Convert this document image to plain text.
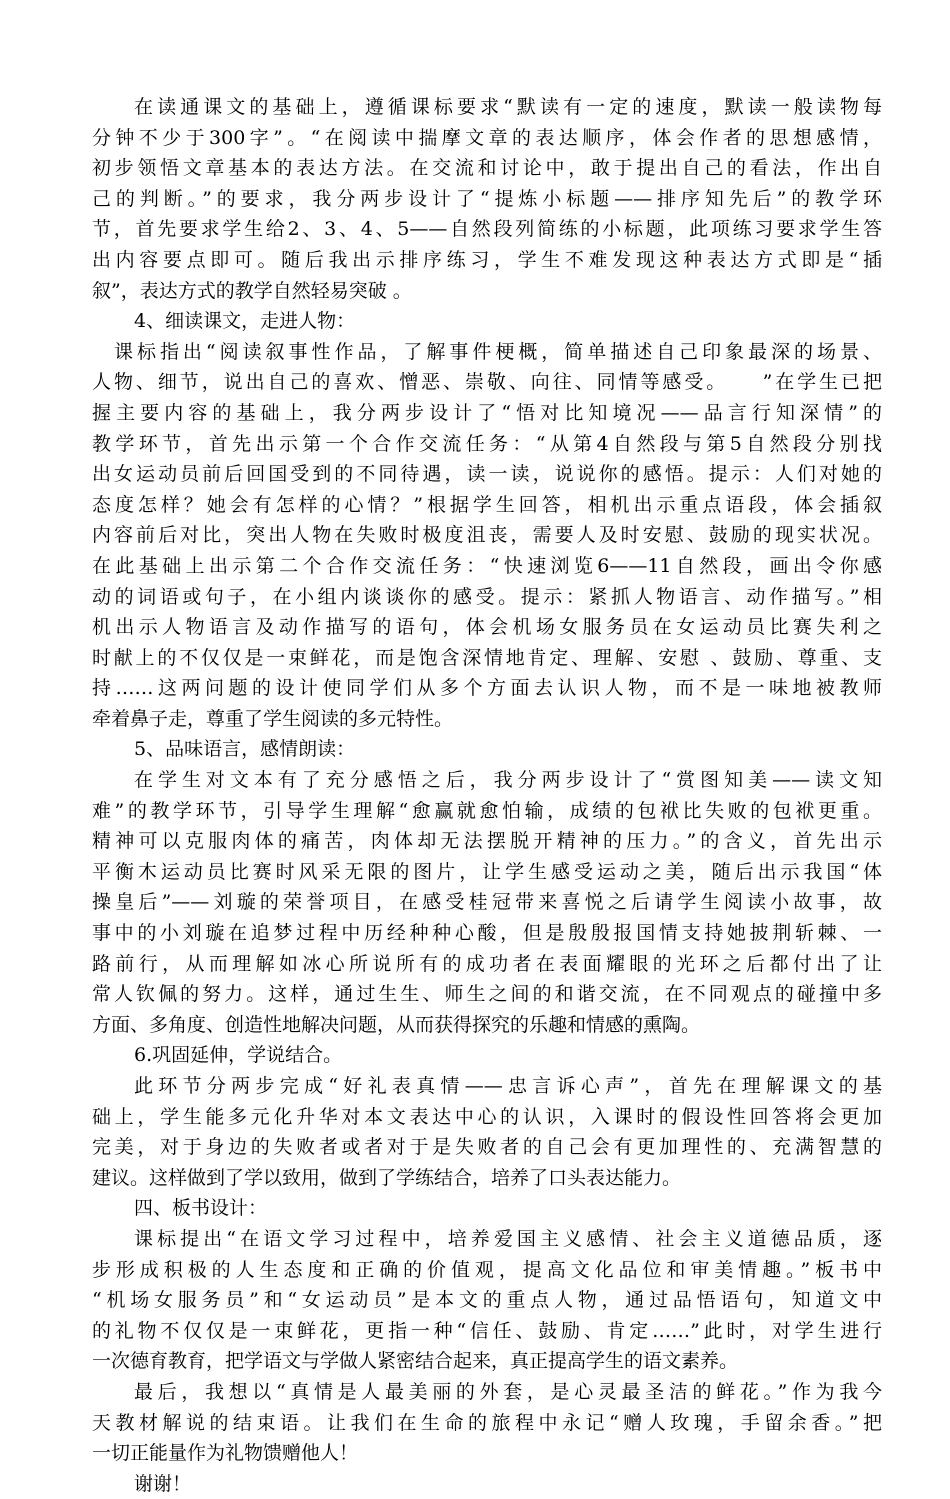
在读通课文的基础上，遵循课标要求“默读有一定的速度，默读一般读物每
分钟不少于300字”。“在阅读中揣摩文章的表达顺序，体会作者的思想感情，
初步领悟文章基本的表达方法。在交流和讨论中，敢于提出自己的看法，作出自
己的判断。”的要求，我分两步设计了“提炼小标题——排序知先后”的教学环
节，首先要求学生给2、3、4、5——自然段列简练的小标题，此项练习要求学生答
出内容要点即可。随后我出示排序练习，学生不难发现这种表达方式即是“插
叙”，表达方式的教学自然轻易突破 。
4、细读课文，走进人物：
课标指出“阅读叙事性作品，了解事件梗概，简单描述自己印象最深的场景、
人物、细节，说出自己的喜欢、憎恶、崇敬、向往、同情等感受。　　”在学生已把
握主要内容的基础上，我分两步设计了“悟对比知境况——品言行知深情”的
教学环节，首先出示第一个合作交流任务：“从第4自然段与第5自然段分别找
出女运动员前后回国受到的不同待遇，读一读，说说你的感悟。提示：人们对她的
态度怎样？她会有怎样的心情？”根据学生回答，相机出示重点语段，体会插叙
内容前后对比，突出人物在失败时极度沮丧，需要人及时安慰、鼓励的现实状况。
在此基础上出示第二个合作交流任务：“快速浏览6——11自然段，画出令你感
动的词语或句子，在小组内谈谈你的感受。提示：紧抓人物语言、动作描写。”相
机出示人物语言及动作描写的语句，体会机场女服务员在女运动员比赛失利之
时献上的不仅仅是一束鲜花，而是饱含深情地肯定、理解、安慰 、鼓励、尊重、支
持……这两问题的设计使同学们从多个方面去认识人物，而不是一味地被教师
牵着鼻子走，尊重了学生阅读的多元特性。
5、品味语言，感情朗读：
在学生对文本有了充分感悟之后，我分两步设计了“赏图知美——读文知
难”的教学环节，引导学生理解“愈赢就愈怕输，成绩的包袱比失败的包袱更重。
精神可以克服肉体的痛苦，肉体却无法摆脱开精神的压力。”的含义，首先出示
平衡木运动员比赛时风采无限的图片，让学生感受运动之美，随后出示我国“体
操皇后”——刘璇的荣誉项目，在感受桂冠带来喜悦之后请学生阅读小故事，故
事中的小刘璇在追梦过程中历经种种心酸，但是殷殷报国情支持她披荆斩棘、一
路前行，从而理解如冰心所说所有的成功者在表面耀眼的光环之后都付出了让
常人钦佩的努力。这样，通过生生、师生之间的和谐交流，在不同观点的碰撞中多
方面、多角度、创造性地解决问题，从而获得探究的乐趣和情感的熏陶。
6.巩固延伸，学说结合。
此环节分两步完成“好礼表真情——忠言诉心声”，首先在理解课文的基
础上，学生能多元化升华对本文表达中心的认识，入课时的假设性回答将会更加
完美，对于身边的失败者或者对于是失败者的自己会有更加理性的、充满智慧的
建议。这样做到了学以致用，做到了学练结合，培养了口头表达能力。
四、板书设计：
课标提出“在语文学习过程中，培养爱国主义感情、社会主义道德品质，逐
步形成积极的人生态度和正确的价值观，提高文化品位和审美情趣。”板书中
“机场女服务员”和“女运动员”是本文的重点人物，通过品悟语句，知道文中
的礼物不仅仅是一束鲜花，更指一种“信任、鼓励、肯定……”此时，对学生进行
一次德育教育，把学语文与学做人紧密结合起来，真正提高学生的语文素养。
最后，我想以“真情是人最美丽的外套，是心灵最圣洁的鲜花。”作为我今
天教材解说的结束语。让我们在生命的旅程中永记“赠人玫瑰，手留余香。”把
一切正能量作为礼物馈赠他人！
谢谢！
